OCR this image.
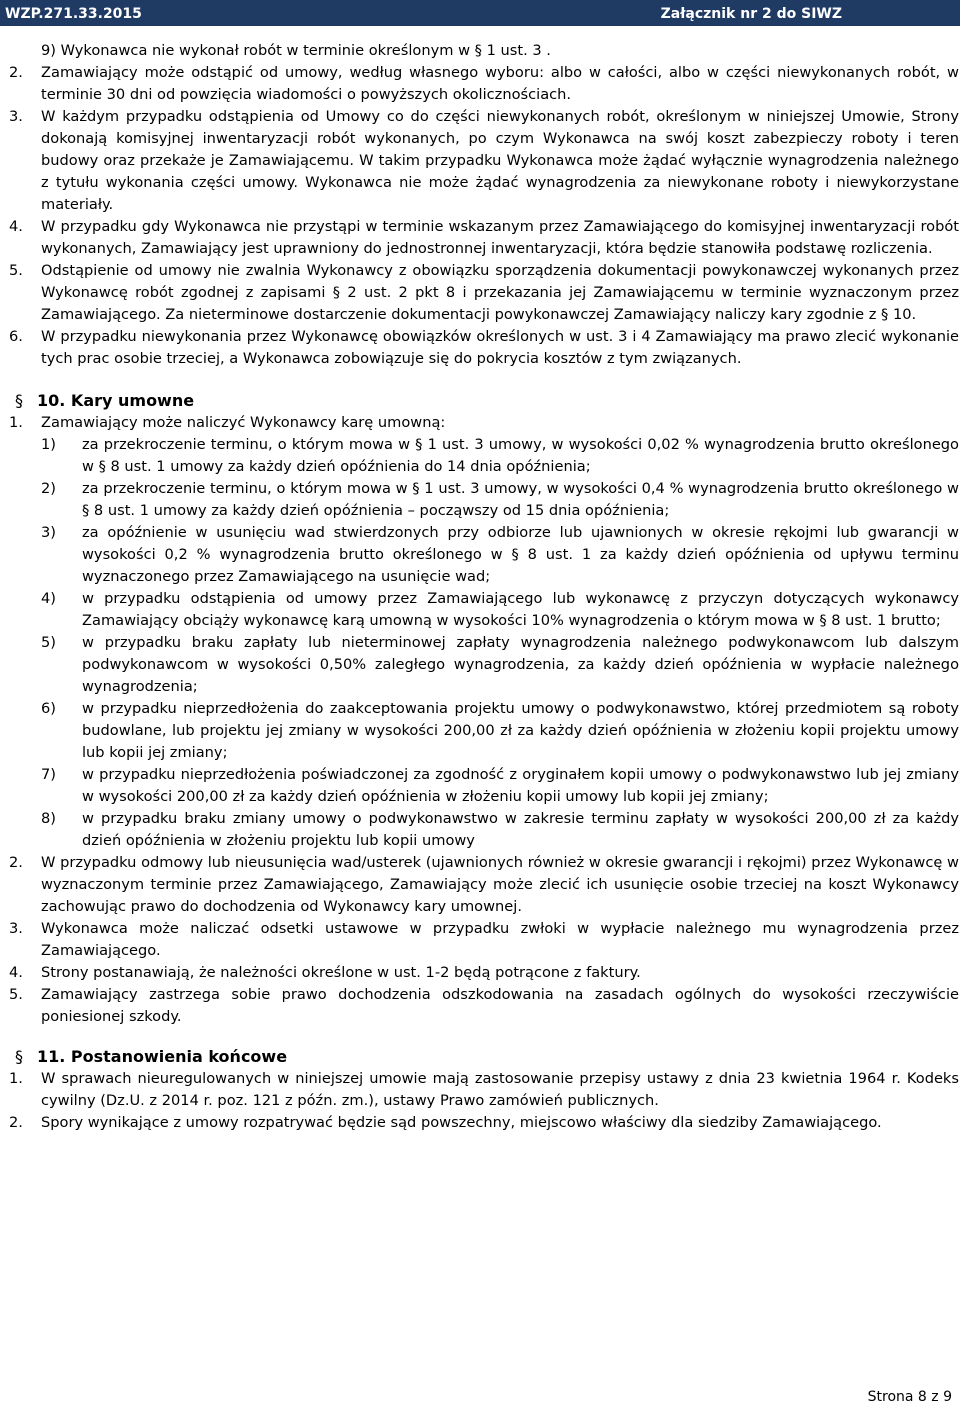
WZP.271.33.2015	Załącznik nr 2 do SIWZ

9) Wykonawca nie wykonał robót w terminie określonym w § 1 ust. 3 .

2. Zamawiający może odstąpić od umowy, według własnego wyboru: albo w całości, albo w części niewykonanych robót, w terminie 30 dni od powzięcia wiadomości o powyższych okolicznościach.
3. W każdym przypadku odstąpienia od Umowy co do części niewykonanych robót, określonym w niniejszej Umowie, Strony dokonają komisyjnej inwentaryzacji robót wykonanych, po czym Wykonawca na swój koszt zabezpieczy roboty i teren budowy oraz przekaże je Zamawiającemu. W takim przypadku Wykonawca może żądać wyłącznie wynagrodzenia należnego z tytułu wykonania części umowy. Wykonawca nie może żądać wynagrodzenia za niewykonane roboty i niewykorzystane materiały.
4. W przypadku gdy Wykonawca nie przystąpi w terminie wskazanym przez Zamawiającego do komisyjnej inwentaryzacji robót wykonanych, Zamawiający jest uprawniony do jednostronnej inwentaryzacji, która będzie stanowiła podstawę rozliczenia.
5. Odstąpienie od umowy nie zwalnia Wykonawcy z obowiązku sporządzenia dokumentacji powykonawczej wykonanych przez Wykonawcę robót zgodnej z zapisami § 2 ust. 2 pkt 8 i przekazania jej Zamawiającemu w terminie wyznaczonym przez Zamawiającego. Za nieterminowe dostarczenie dokumentacji powykonawczej Zamawiający naliczy kary zgodnie z § 10.
6. W przypadku niewykonania przez Wykonawcę obowiązków określonych w ust. 3 i 4 Zamawiający ma prawo zlecić wykonanie tych prac osobie trzeciej, a Wykonawca zobowiązuje się do pokrycia kosztów z tym związanych.
§ 10. Kary umowne
1. Zamawiający może naliczyć Wykonawcy karę umowną:
1) za przekroczenie terminu, o którym mowa w § 1 ust. 3 umowy, w wysokości 0,02 % wynagrodzenia brutto określonego w § 8 ust. 1 umowy za każdy dzień opóźnienia do 14 dnia opóźnienia;
2) za przekroczenie terminu, o którym mowa w § 1 ust. 3 umowy, w wysokości 0,4 % wynagrodzenia brutto określonego w § 8 ust. 1 umowy za każdy dzień opóźnienia – począwszy od 15 dnia opóźnienia;
3) za opóźnienie w usunięciu wad stwierdzonych przy odbiorze lub ujawnionych w okresie rękojmi lub gwarancji w wysokości 0,2 % wynagrodzenia brutto określonego w § 8 ust. 1 za każdy dzień opóźnienia od upływu terminu wyznaczonego przez Zamawiającego na usunięcie wad;
4) w przypadku odstąpienia od umowy przez Zamawiającego lub wykonawcę z przyczyn dotyczących wykonawcy Zamawiający obciąży wykonawcę karą umowną w wysokości 10% wynagrodzenia o którym mowa w § 8 ust. 1 brutto;
5) w przypadku braku zapłaty lub nieterminowej zapłaty wynagrodzenia należnego podwykonawcom lub dalszym podwykonawcom w wysokości 0,50% zaległego wynagrodzenia, za każdy dzień opóźnienia w wypłacie należnego wynagrodzenia;
6) w przypadku nieprzedłożenia do zaakceptowania projektu umowy o podwykonawstwo, której przedmiotem są roboty budowlane, lub projektu jej zmiany w wysokości 200,00 zł za każdy dzień opóźnienia w złożeniu kopii projektu umowy lub kopii jej zmiany;
7) w przypadku nieprzedłożenia poświadczonej za zgodność z oryginałem kopii umowy o podwykonawstwo lub jej zmiany w wysokości 200,00 zł za każdy dzień opóźnienia w złożeniu kopii umowy lub kopii jej zmiany;
8) w przypadku braku zmiany umowy o podwykonawstwo w zakresie terminu zapłaty w wysokości 200,00 zł za każdy dzień opóźnienia w złożeniu projektu lub kopii umowy
2. W przypadku odmowy lub nieusunięcia wad/usterek (ujawnionych również w okresie gwarancji i rękojmi) przez Wykonawcę w wyznaczonym terminie przez Zamawiającego, Zamawiający może zlecić ich usunięcie osobie trzeciej na koszt Wykonawcy zachowując prawo do dochodzenia od Wykonawcy kary umownej.
3. Wykonawca może naliczać odsetki ustawowe w przypadku zwłoki w wypłacie należnego mu wynagrodzenia przez Zamawiającego.
4. Strony postanawiają, że należności określone w ust. 1-2 będą potrącone z faktury.
5. Zamawiający zastrzega sobie prawo dochodzenia odszkodowania na zasadach ogólnych do wysokości rzeczywiście poniesionej szkody.
§ 11. Postanowienia końcowe
1. W sprawach nieuregulowanych w niniejszej umowie mają zastosowanie przepisy ustawy z dnia 23 kwietnia 1964 r. Kodeks cywilny (Dz.U. z 2014 r. poz. 121 z późn. zm.), ustawy Prawo zamówień publicznych.
2. Spory wynikające z umowy rozpatrywać będzie sąd powszechny, miejscowo właściwy dla siedziby Zamawiającego.
Strona 8 z 9
